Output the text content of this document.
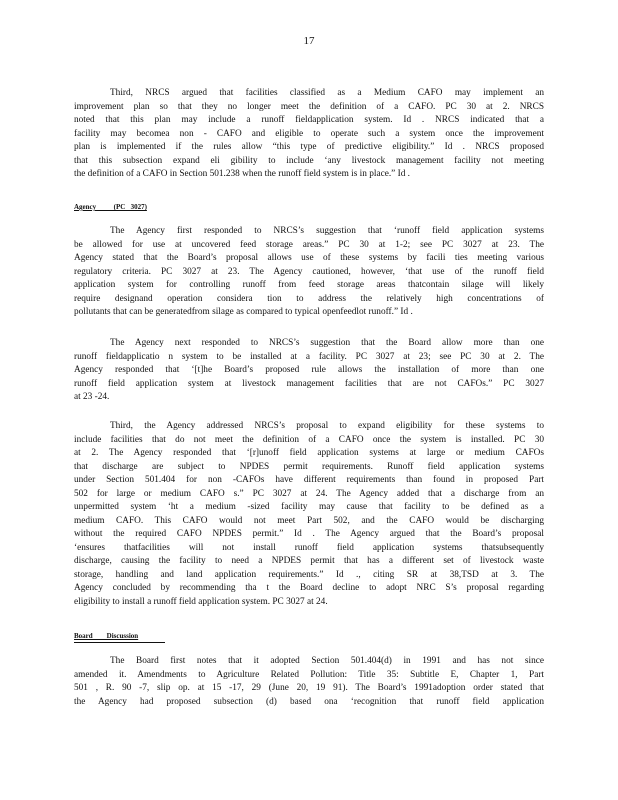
17
Third, NRCS argued that facilities classified as a Medium CAFO may implement an
improvement plan so that they no longer meet the definition of a CAFO. PC 30 at 2. NRCS
noted that this plan may include a runoff fieldapplication system. Id . NRCS indicated that a
facility may becomea non - CAFO and eligible to operate such a system once the improvement
plan is implemented if the rules allow “this type of predictive eligibility.” Id . NRCS proposed
that this subsection expand eli gibility to include ‘any livestock management facility not meeting
the definition of a CAFO in Section 501.238 when the runoff field system is in place.” Id .
Agency          (PC   3027)
The Agency first responded to NRCS’s suggestion that ‘runoff field application systems
be allowed for use at uncovered feed storage areas.” PC 30 at 1-2; see PC 3027 at 23. The
Agency stated that the Board’s proposal allows use of these systems by facili ties meeting various
regulatory criteria. PC 3027 at 23. The Agency cautioned, however, ‘that use of the runoff field
application system for controlling runoff from feed storage areas thatcontain silage will likely
require designand operation considera tion to address the relatively high concentrations of
pollutants that can be generatedfrom silage as compared to typical openfeedlot runoff.” Id .
The Agency next responded to NRCS’s suggestion that the Board allow more than one
runoff fieldapplicatio n system to be installed at a facility. PC 3027 at 23; see PC 30 at 2. The
Agency responded that ‘[t]he Board’s proposed rule allows the installation of more than one
runoff field application system at livestock management facilities that are not CAFOs.” PC 3027
at 23 -24.
Third, the Agency addressed NRCS’s proposal to expand eligibility for these systems to
include facilities that do not meet the definition of a CAFO once the system is installed. PC 30
at 2. The Agency responded that ‘[r]unoff field application systems at large or medium CAFOs
that discharge are subject to NPDES permit requirements. Runoff field application systems
under Section 501.404 for non -CAFOs have different requirements than found in proposed Part
502 for large or medium CAFO s.” PC 3027 at 24. The Agency added that a discharge from an
unpermitted system ‘ht a medium -sized facility may cause that facility to be defined as a
medium CAFO. This CAFO would not meet Part 502, and the CAFO would be discharging
without the required CAFO NPDES permit.” Id . The Agency argued that the Board’s proposal
‘ensures thatfacilities will not install runoff field application systems thatsubsequently
discharge, causing the facility to need a NPDES permit that has a different set of livestock waste
storage, handling and land application requirements.” Id ., citing SR at 38,TSD at 3. The
Agency concluded by recommending tha t the Board decline to adopt NRC S’s proposal regarding
eligibility to install a runoff field application system. PC 3027 at 24.
Board        Discussion
The Board first notes that it adopted Section 501.404(d) in 1991 and has not since
amended it. Amendments to Agriculture Related Pollution: Title 35: Subtitle E, Chapter 1, Part
501 , R. 90 -7, slip op. at 15 -17, 29 (June 20, 19 91). The Board’s 1991adoption order stated that
the Agency had proposed subsection (d) based ona ‘recognition that runoff field application
